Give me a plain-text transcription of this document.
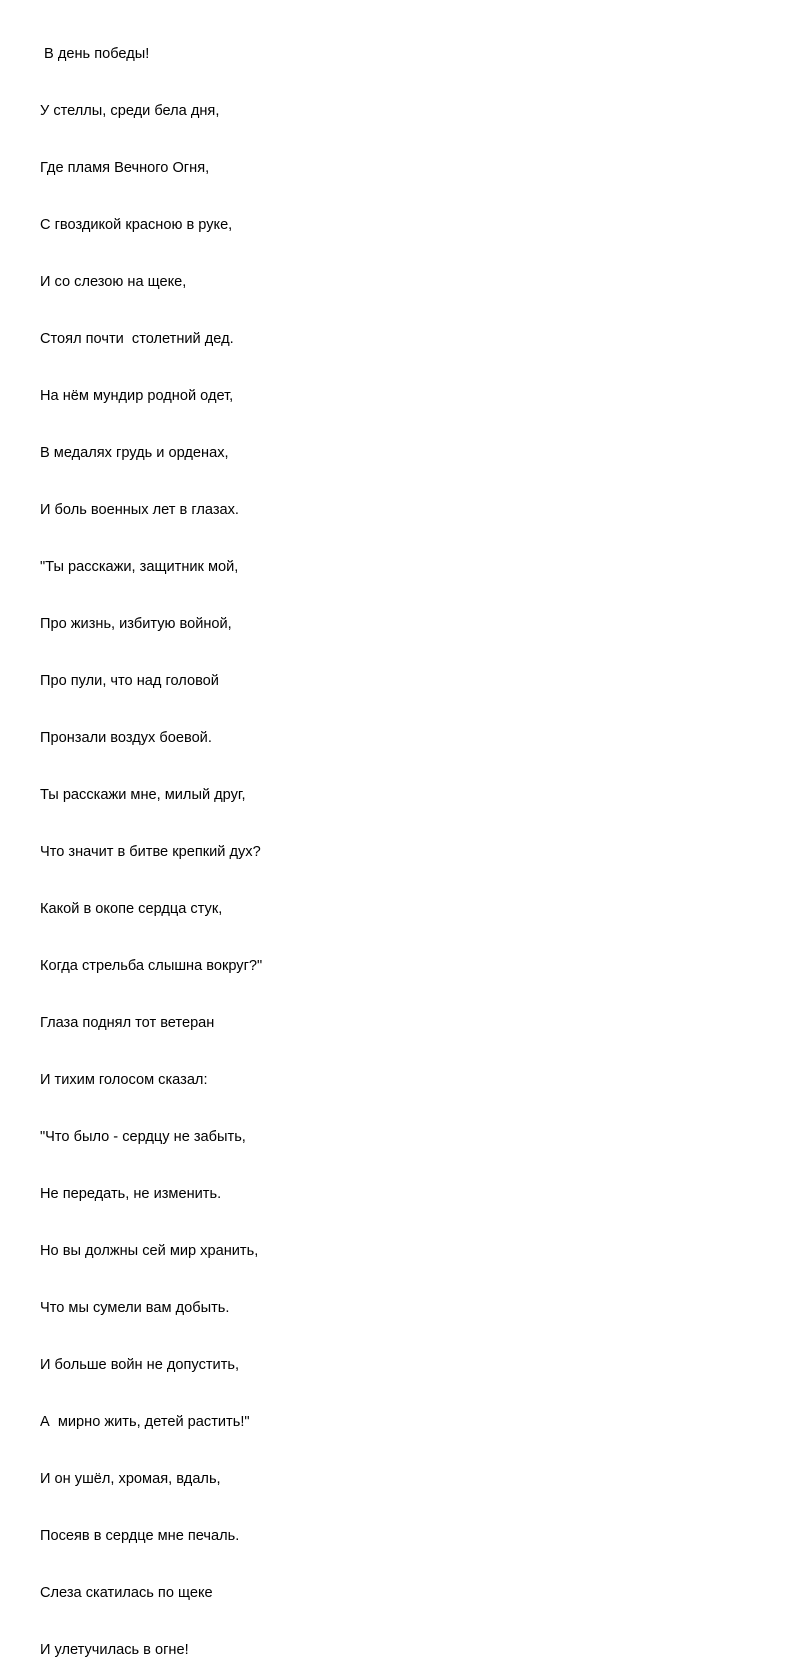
В день победы!

У стеллы, среди бела дня,

Где пламя Вечного Огня,

С гвоздикой красною в руке,

И со слезою на щеке,

Стоял почти  столетний дед.

На нём мундир родной одет,

В медалях грудь и орденах,

И боль военных лет в глазах.

"Ты расскажи, защитник мой,

Про жизнь, избитую войной,

Про пули, что над головой

Пронзали воздух боевой.

Ты расскажи мне, милый друг,

Что значит в битве крепкий дух?

Какой в окопе сердца стук,

Когда стрельба слышна вокруг?"

Глаза поднял тот ветеран

И тихим голосом сказал:

"Что было - сердцу не забыть,

Не передать, не изменить.

Но вы должны сей мир хранить,

Что мы сумели вам добыть.

И больше войн не допустить,

А  мирно жить, детей растить!"

И он ушёл, хромая, вдаль,

Посеяв в сердце мне печаль.

Слеза скатилась по щеке

И улетучилась в огне!
